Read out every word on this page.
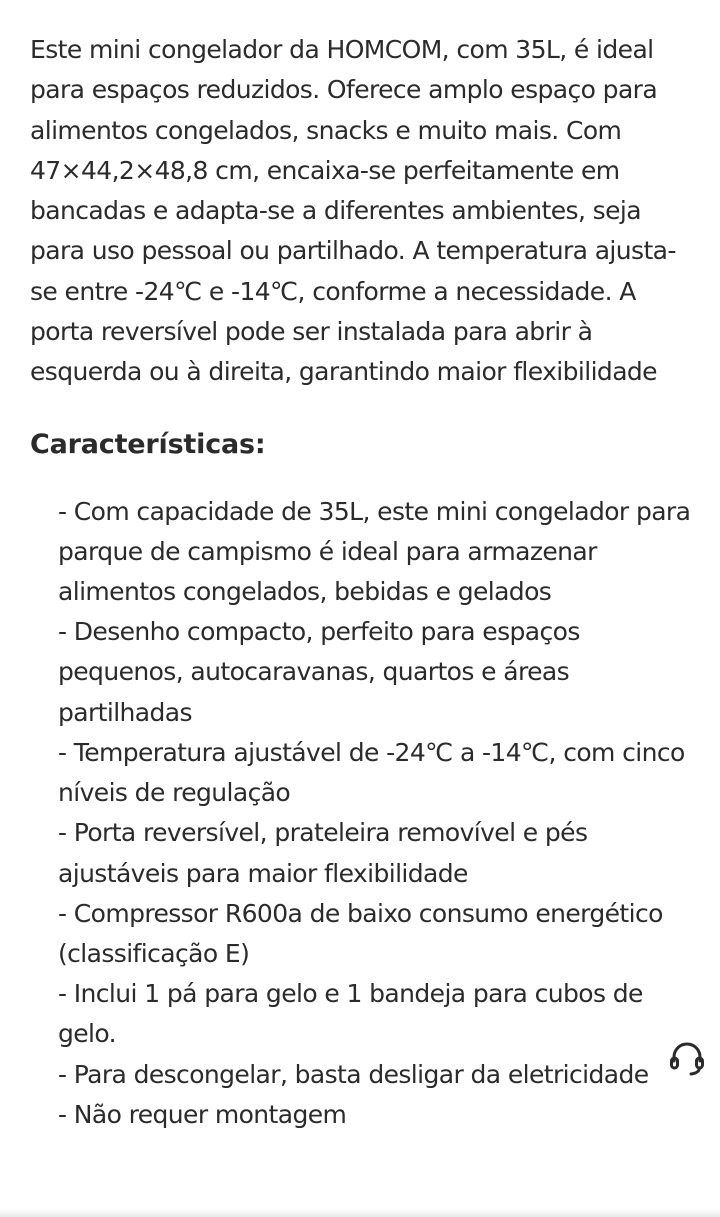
Este mini congelador da HOMCOM, com 35L, é ideal para espaços reduzidos. Oferece amplo espaço para alimentos congelados, snacks e muito mais. Com 47×44,2×48,8 cm, encaixa-se perfeitamente em bancadas e adapta-se a diferentes ambientes, seja para uso pessoal ou partilhado. A temperatura ajusta-se entre -24℃ e -14℃, conforme a necessidade. A porta reversível pode ser instalada para abrir à esquerda ou à direita, garantindo maior flexibilidade

Características:
- Com capacidade de 35L, este mini congelador para parque de campismo é ideal para armazenar alimentos congelados, bebidas e gelados
- Desenho compacto, perfeito para espaços pequenos, autocaravanas, quartos e áreas partilhadas
- Temperatura ajustável de -24℃ a -14℃, com cinco níveis de regulação
- Porta reversível, prateleira removível e pés ajustáveis para maior flexibilidade
- Compressor R600a de baixo consumo energético (classificação E)
- Inclui 1 pá para gelo e 1 bandeja para cubos de gelo.
- Para descongelar, basta desligar da eletricidade
- Não requer montagem
